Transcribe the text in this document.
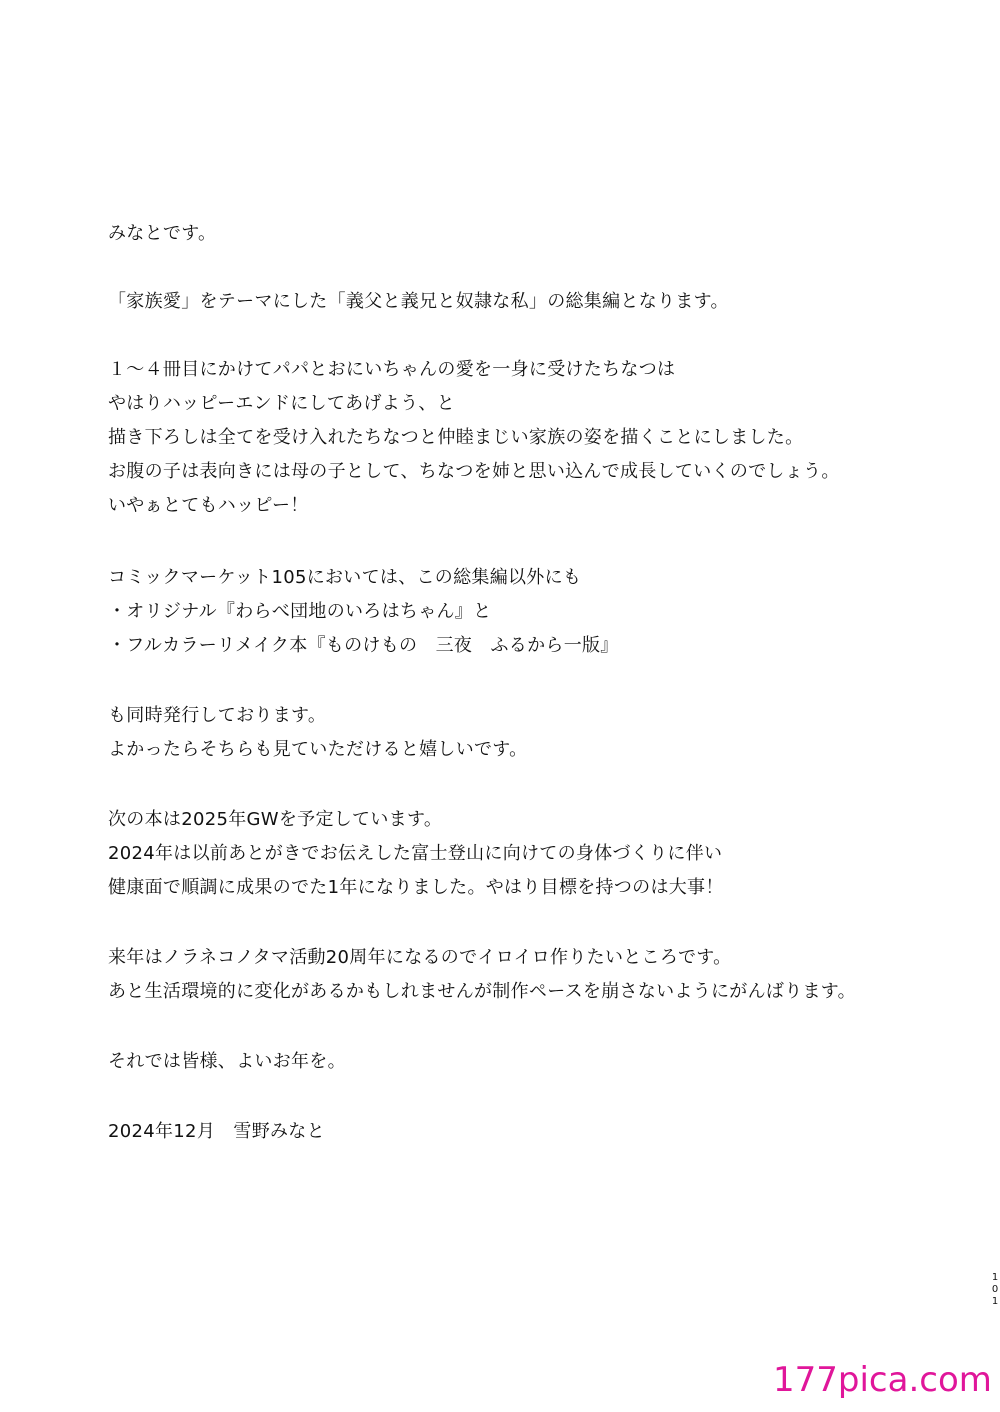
みなとです。
「家族愛」をテーマにした「義父と義兄と奴隷な私」の総集編となります。
１～４冊目にかけてパパとおにいちゃんの愛を一身に受けたちなつは
やはりハッピーエンドにしてあげよう、と
描き下ろしは全てを受け入れたちなつと仲睦まじい家族の姿を描くことにしました。
お腹の子は表向きには母の子として、ちなつを姉と思い込んで成長していくのでしょう。
いやぁとてもハッピー！
コミックマーケット105においては、この総集編以外にも
・オリジナル『わらべ団地のいろはちゃん』と
・フルカラーリメイク本『ものけもの　三夜　ふるから一版』
も同時発行しております。
よかったらそちらも見ていただけると嬉しいです。
次の本は2025年GWを予定しています。
2024年は以前あとがきでお伝えした富士登山に向けての身体づくりに伴い
健康面で順調に成果のでた1年になりました。やはり目標を持つのは大事！
来年はノラネコノタマ活動20周年になるのでイロイロ作りたいところです。
あと生活環境的に変化があるかもしれませんが制作ペースを崩さないようにがんばります。
それでは皆様、よいお年を。
2024年12月　雪野みなと
1
0
1
177pica.com
